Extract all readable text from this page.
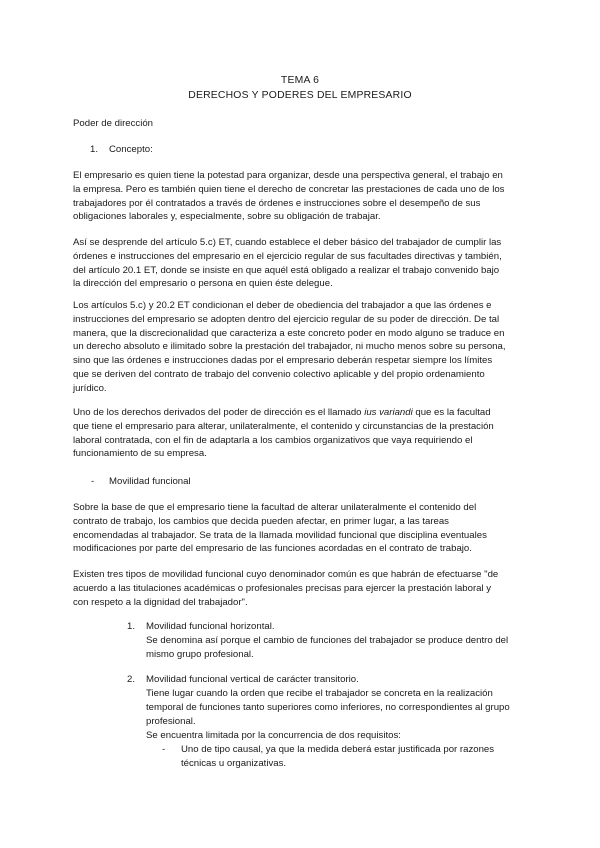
TEMA 6
DERECHOS Y PODERES DEL EMPRESARIO
Poder de dirección
1. Concepto:
El empresario es quien tiene la potestad para organizar, desde una perspectiva general, el trabajo en
la empresa. Pero es también quien tiene el derecho de concretar las prestaciones de cada uno de los
trabajadores por él contratados a través de órdenes e instrucciones sobre el desempeño de sus
obligaciones laborales y, especialmente, sobre su obligación de trabajar.
Así se desprende del artículo 5.c) ET, cuando establece el deber básico del trabajador de cumplir las
órdenes e instrucciones del empresario en el ejercicio regular de sus facultades directivas y también,
del artículo 20.1 ET, donde se insiste en que aquél está obligado a realizar el trabajo convenido bajo
la dirección del empresario o persona en quien éste delegue.
Los artículos 5.c) y 20.2 ET condicionan el deber de obediencia del trabajador a que las órdenes e
instrucciones del empresario se adopten dentro del ejercicio regular de su poder de dirección. De tal
manera, que la discrecionalidad que caracteriza a este concreto poder en modo alguno se traduce en
un derecho absoluto e ilimitado sobre la prestación del trabajador, ni mucho menos sobre su persona,
sino que las órdenes e instrucciones dadas por el empresario deberán respetar siempre los límites
que se deriven del contrato de trabajo del convenio colectivo aplicable y del propio ordenamiento
jurídico.
Uno de los derechos derivados del poder de dirección es el llamado ius variandi que es la facultad
que tiene el empresario para alterar, unilateralmente, el contenido y circunstancias de la prestación
laboral contratada, con el fin de adaptarla a los cambios organizativos que vaya requiriendo el
funcionamiento de su empresa.
- Movilidad funcional
Sobre la base de que el empresario tiene la facultad de alterar unilateralmente el contenido del
contrato de trabajo, los cambios que decida pueden afectar, en primer lugar, a las tareas
encomendadas al trabajador. Se trata de la llamada movilidad funcional que disciplina eventuales
modificaciones por parte del empresario de las funciones acordadas en el contrato de trabajo.
Existen tres tipos de movilidad funcional cuyo denominador común es que habrán de efectuarse "de
acuerdo a las titulaciones académicas o profesionales precisas para ejercer la prestación laboral y
con respeto a la dignidad del trabajador".
1. Movilidad funcional horizontal.
Se denomina así porque el cambio de funciones del trabajador se produce dentro del
mismo grupo profesional.
2. Movilidad funcional vertical de carácter transitorio.
Tiene lugar cuando la orden que recibe el trabajador se concreta en la realización
temporal de funciones tanto superiores como inferiores, no correspondientes al grupo
profesional.
Se encuentra limitada por la concurrencia de dos requisitos:
- Uno de tipo causal, ya que la medida deberá estar justificada por razones
técnicas u organizativas.
